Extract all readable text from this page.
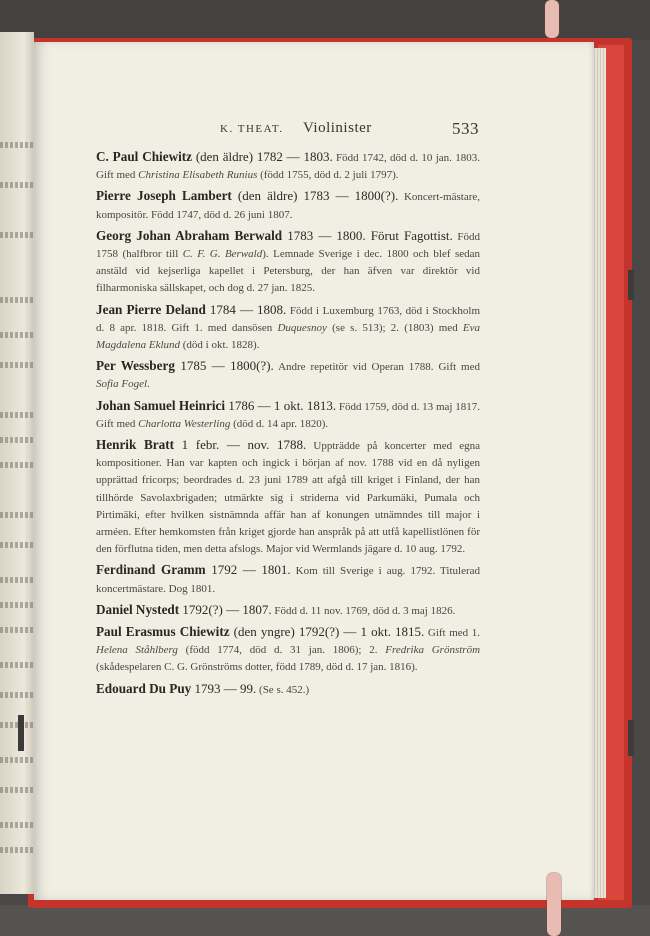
K. THEAT. Violinister	533

C. Paul Chiewitz (den äldre) 1782 — 1803. Född 1742, död d. 10 jan. 1803. Gift med Christina Elisabeth Runius (född 1755, död d. 2 juli 1797).

Pierre Joseph Lambert (den äldre) 1783 — 1800(?). Koncert-mästare, kompositör. Född 1747, död d. 26 juni 1807.

Georg Johan Abraham Berwald 1783 — 1800. Förut Fagottist. Född 1758 (halfbror till C. F. G. Berwald). Lemnade Sverige i dec. 1800 och blef sedan anstäld vid kejserliga kapellet i Petersburg, der han äfven var direktör vid filharmoniska sällskapet, och dog d. 27 jan. 1825.

Jean Pierre Deland 1784 — 1808. Född i Luxemburg 1763, död i Stockholm d. 8 apr. 1818. Gift 1. med dansösen Duquesnoy (se s. 513); 2. (1803) med Eva Magdalena Eklund (död i okt. 1828).

Per Wessberg 1785 — 1800(?). Andre repetitör vid Operan 1788. Gift med Sofia Fogel.

Johan Samuel Heinrici 1786 — 1 okt. 1813. Född 1759, död d. 13 maj 1817. Gift med Charlotta Westerling (död d. 14 apr. 1820).

Henrik Bratt 1 febr. — nov. 1788. Uppträdde på koncerter med egna kompositioner. Han var kapten och ingick i början af nov. 1788 vid en då nyligen upprättad fricorps; beordrades d. 23 juni 1789 att afgå till kriget i Finland, der han tillhörde Savolaxbrigaden; utmärkte sig i striderna vid Parkumäki, Pumala och Pirtimäki, efter hvilken sistnämnda affär han af konungen utnämndes till major i arméen. Efter hemkomsten från kriget gjorde han anspråk på att utfå kapellistlönen för den förflutna tiden, men detta afslogs. Major vid Wermlands jägare d. 10 aug. 1792.

Ferdinand Gramm 1792 — 1801. Kom till Sverige i aug. 1792. Titulerad koncertmästare. Dog 1801.

Daniel Nystedt 1792(?) — 1807. Född d. 11 nov. 1769, död d. 3 maj 1826.

Paul Erasmus Chiewitz (den yngre) 1792(?) — 1 okt. 1815. Gift med 1. Helena Ståhlberg (född 1774, död d. 31 jan. 1806); 2. Fredrika Grönström (skådespelaren C. G. Grönströms dotter, född 1789, död d. 17 jan. 1816).

Edouard Du Puy 1793 — 99. (Se s. 452.)
